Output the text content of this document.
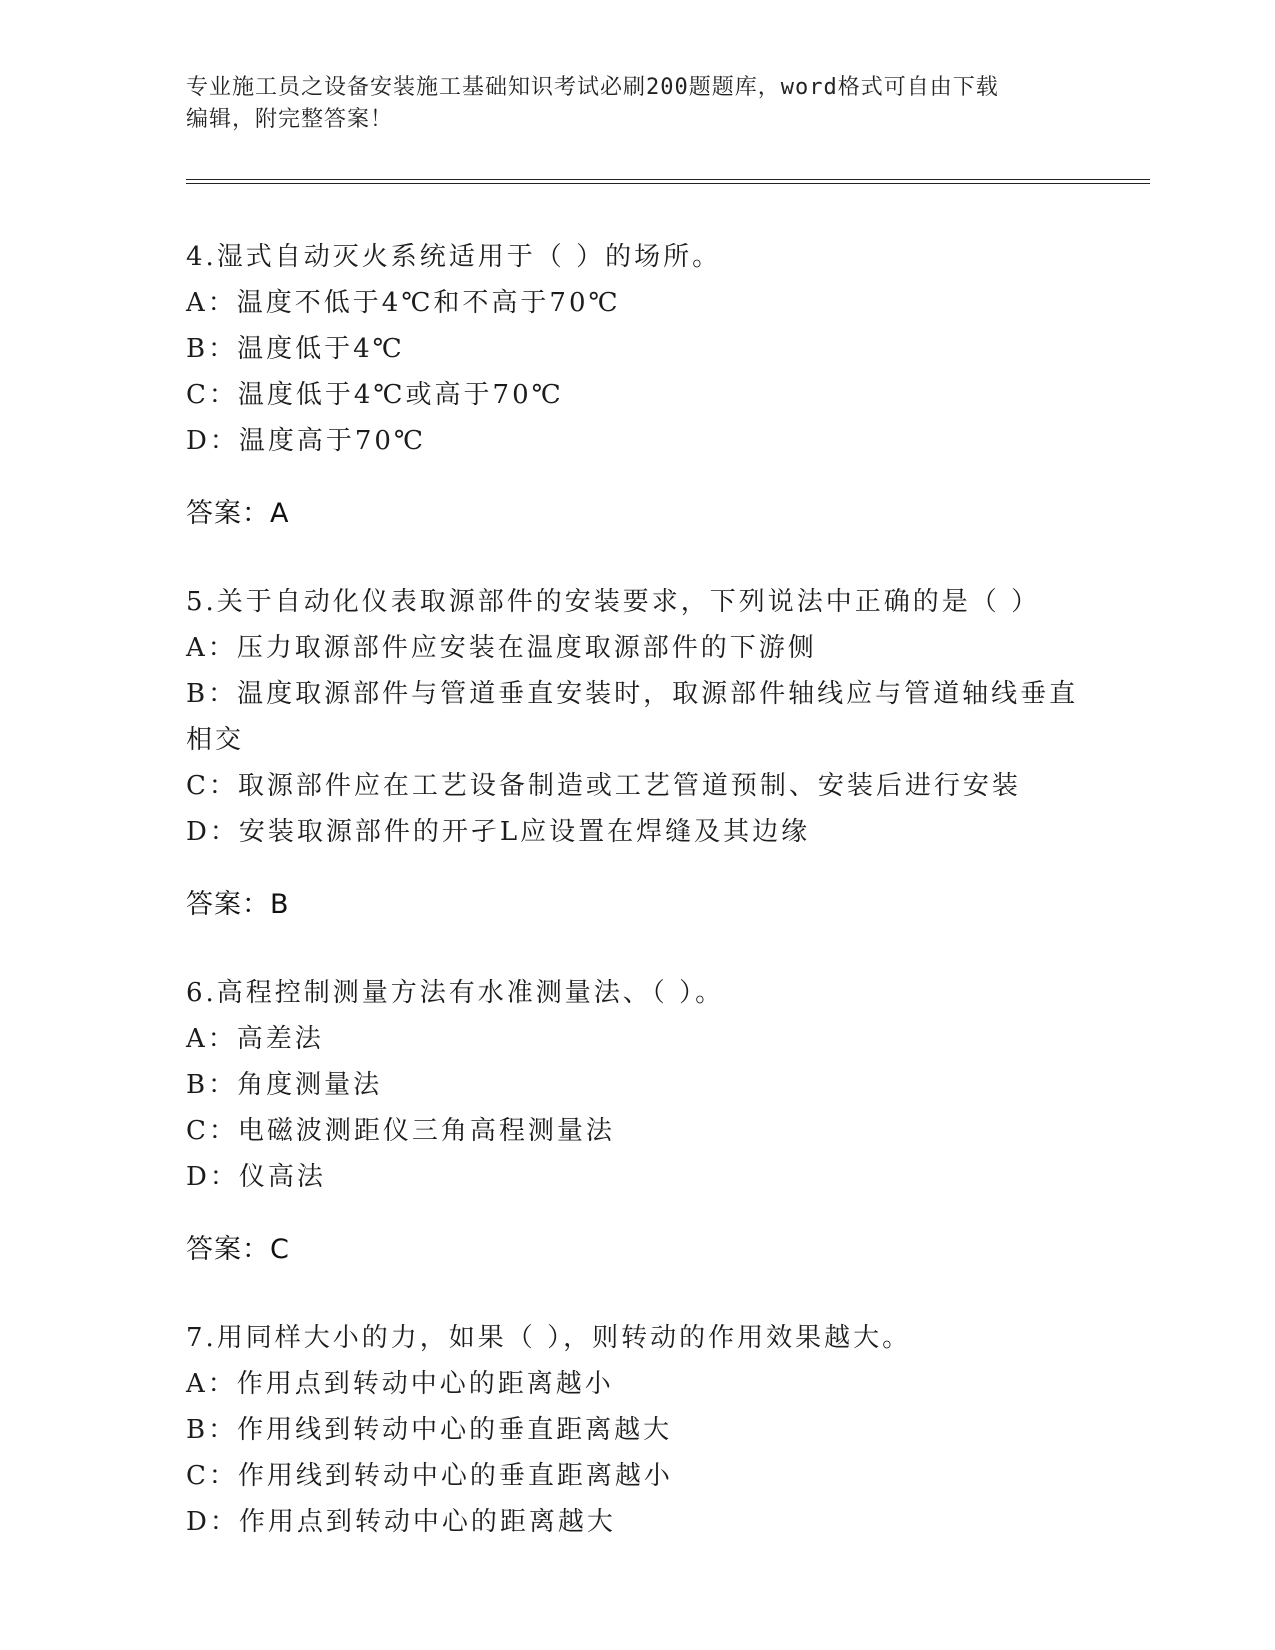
专业施工员之设备安装施工基础知识考试必刷200题题库，word格式可自由下载
编辑，附完整答案！

4.湿式自动灭火系统适用于（ ）的场所。

A：温度不低于4℃和不高于70℃

B：温度低于4℃

C：温度低于4℃或高于70℃

D：温度高于70℃

答案：A

5.关于自动化仪表取源部件的安装要求，下列说法中正确的是（ ）

A：压力取源部件应安装在温度取源部件的下游侧

B：温度取源部件与管道垂直安装时，取源部件轴线应与管道轴线垂直

相交

C：取源部件应在工艺设备制造或工艺管道预制、安装后进行安装

D：安装取源部件的开孑L应设置在焊缝及其边缘

答案：B

6.高程控制测量方法有水准测量法、（ ）。

A：高差法

B：角度测量法

C：电磁波测距仪三角高程测量法

D：仪高法

答案：C

7.用同样大小的力，如果（ ），则转动的作用效果越大。

A：作用点到转动中心的距离越小

B：作用线到转动中心的垂直距离越大

C：作用线到转动中心的垂直距离越小

D：作用点到转动中心的距离越大
